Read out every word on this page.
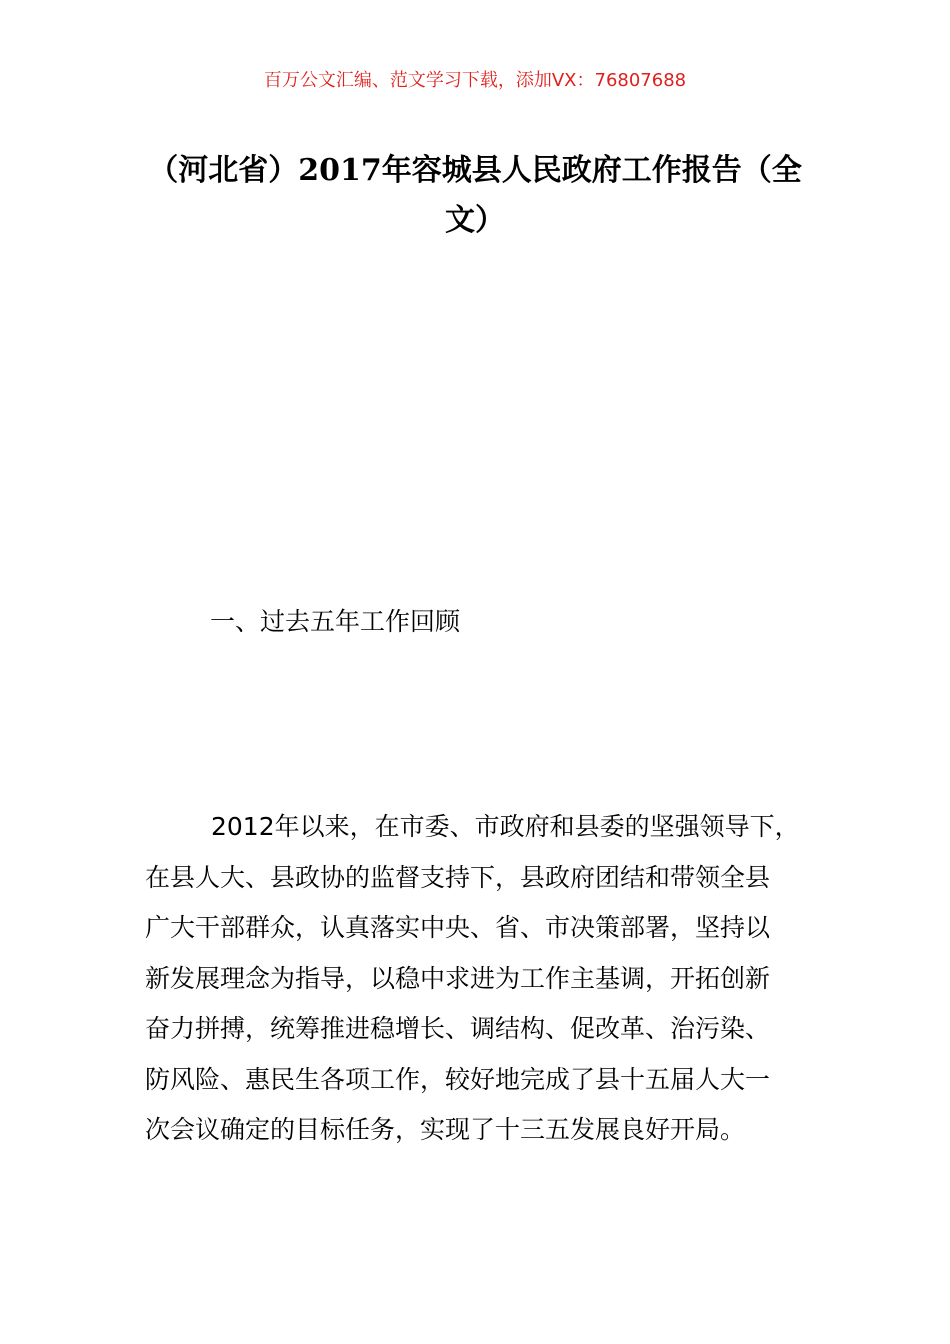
百万公文汇编、范文学习下载，添加VX：76807688
（河北省）2017年容城县人民政府工作报告（全文）
一、过去五年工作回顾
2012年以来，在市委、市政府和县委的坚强领导下，
在县人大、县政协的监督支持下，县政府团结和带领全县
广大干部群众，认真落实中央、省、市决策部署，坚持以
新发展理念为指导，以稳中求进为工作主基调，开拓创新
奋力拼搏，统筹推进稳增长、调结构、促改革、治污染、
防风险、惠民生各项工作，较好地完成了县十五届人大一
次会议确定的目标任务，实现了十三五发展良好开局。
